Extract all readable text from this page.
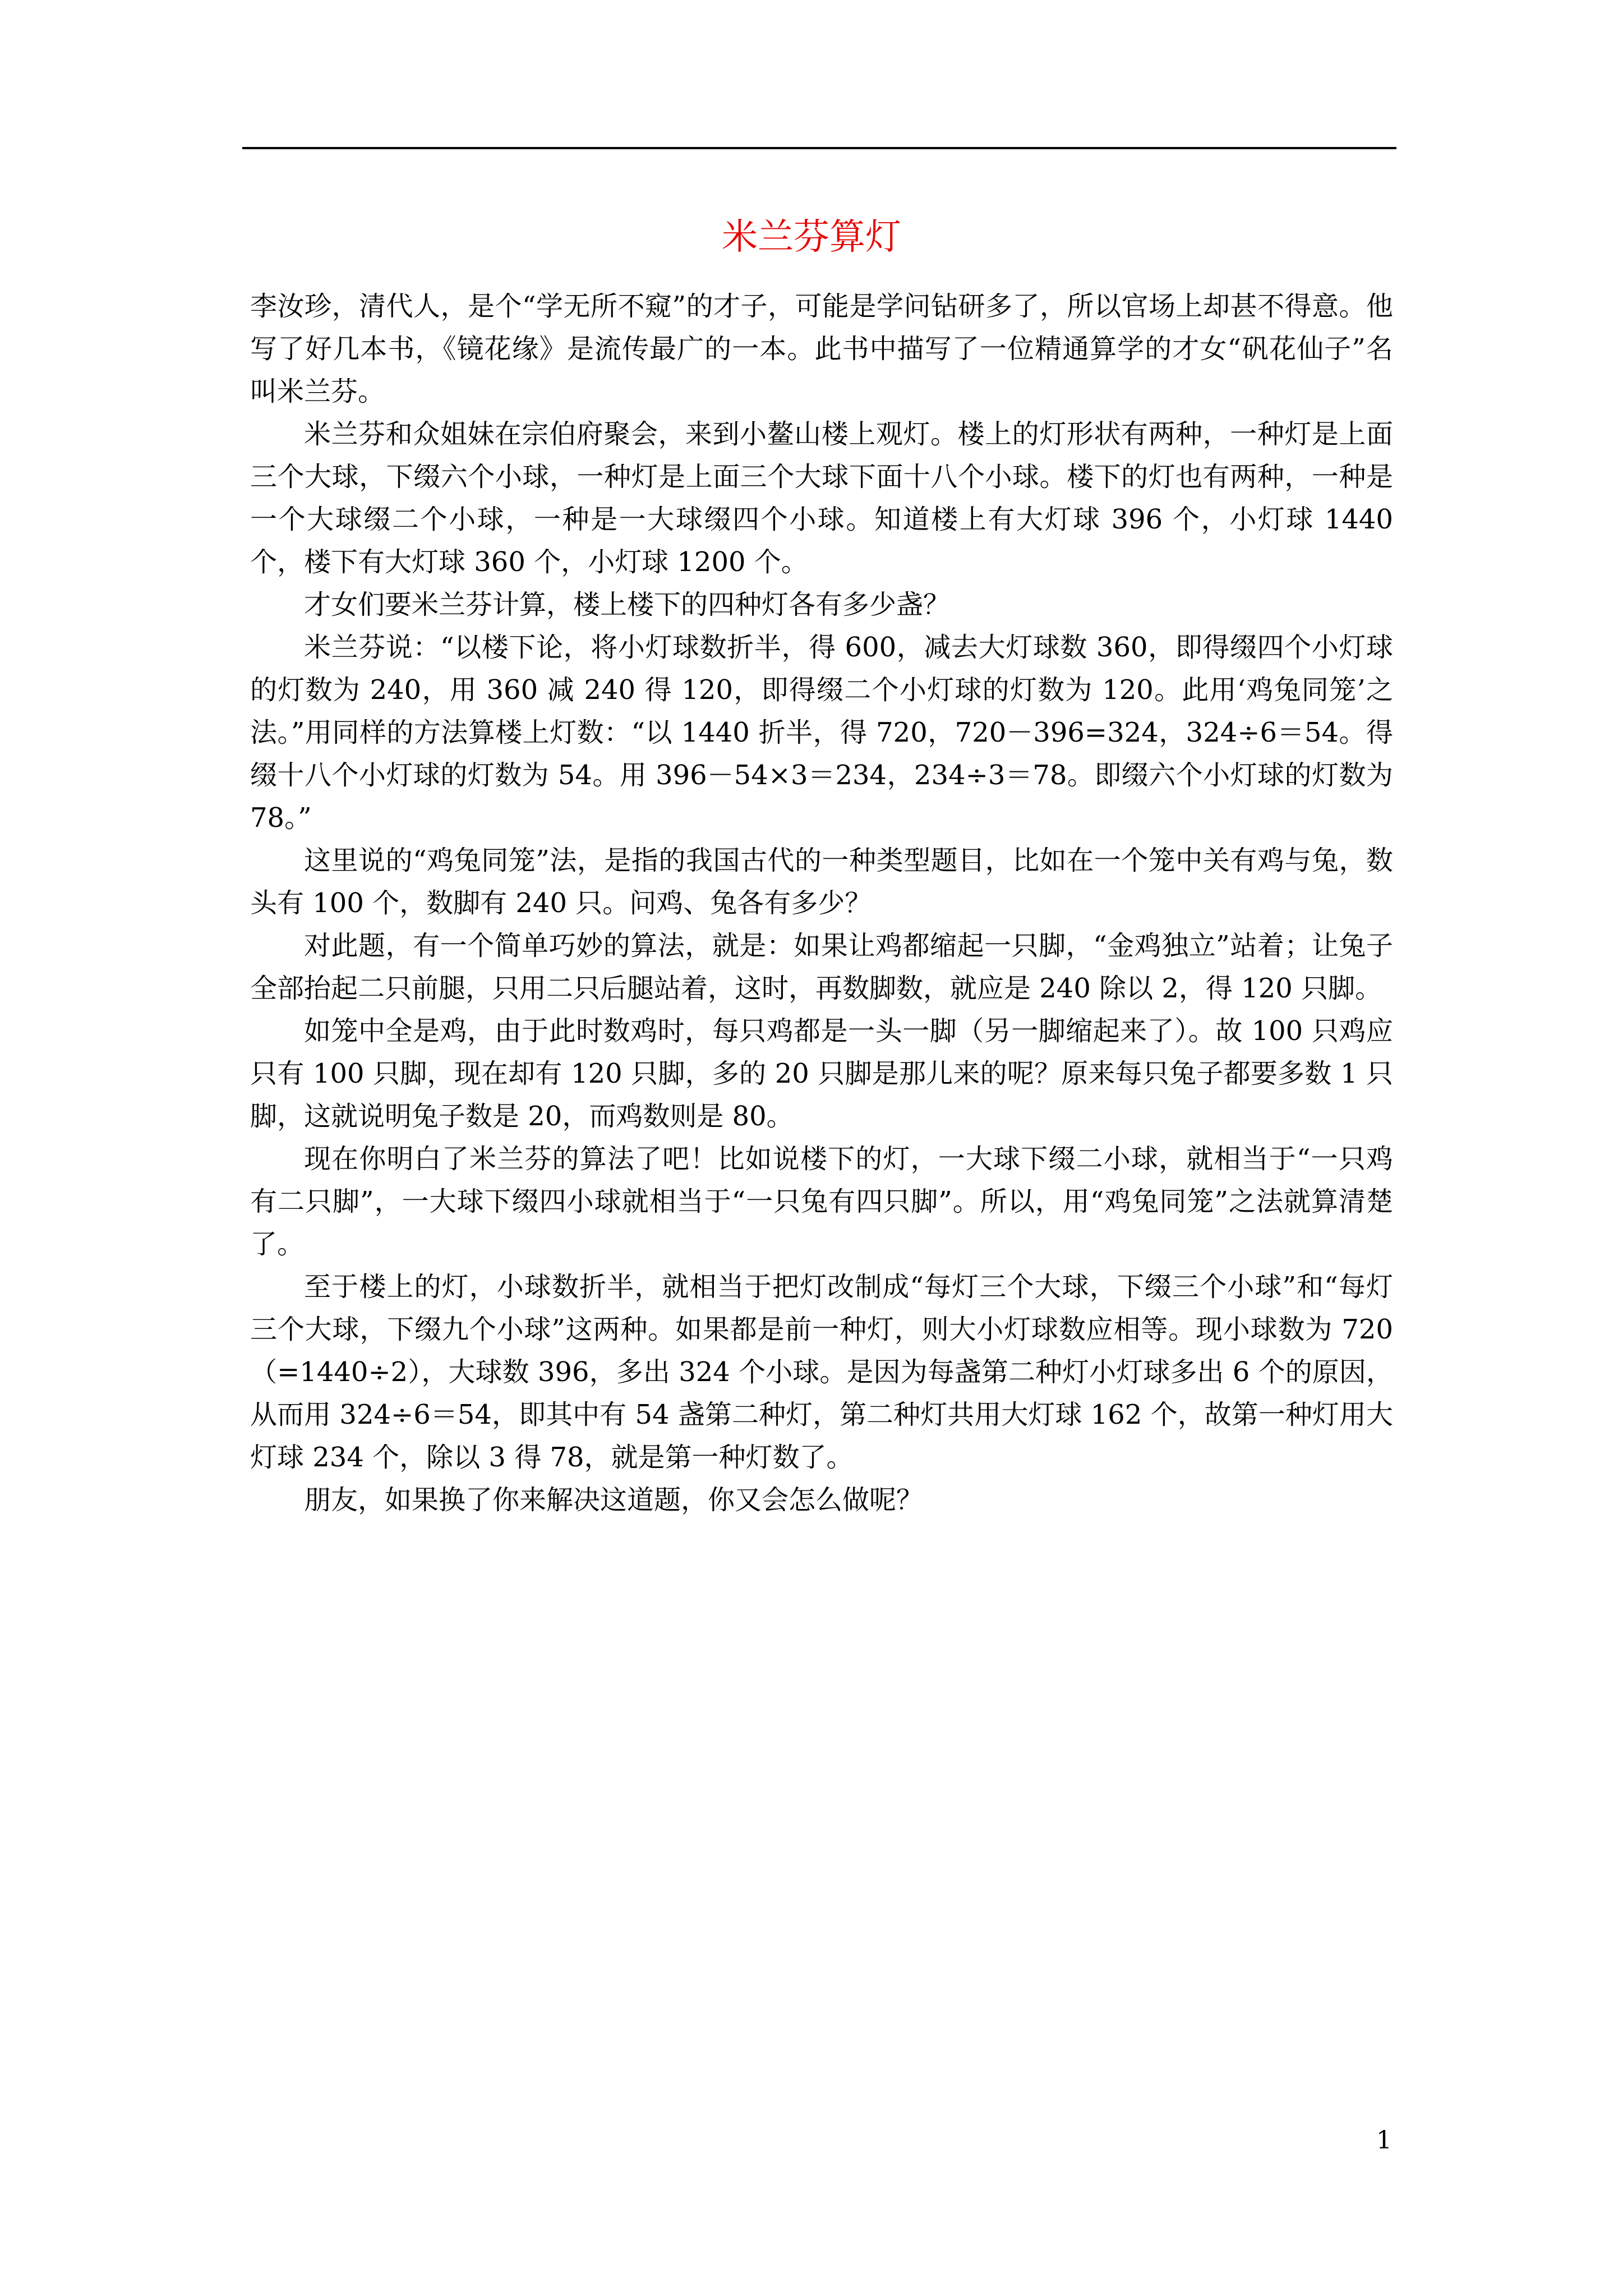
米兰芬算灯

李汝珍，清代人，是个“学无所不窥”的才子，可能是学问钻研多了，所以官场上却甚不得意。他写了好几本书，《镜花缘》是流传最广的一本。此书中描写了一位精通算学的才女“矾花仙子”名叫米兰芬。

米兰芬和众姐妹在宗伯府聚会，来到小鳌山楼上观灯。楼上的灯形状有两种，一种灯是上面三个大球，下缀六个小球，一种灯是上面三个大球下面十八个小球。楼下的灯也有两种，一种是一个大球缀二个小球，一种是一大球缀四个小球。知道楼上有大灯球 396 个，小灯球 1440 个，楼下有大灯球 360 个，小灯球 1200 个。

才女们要米兰芬计算，楼上楼下的四种灯各有多少盏？

米兰芬说：“以楼下论，将小灯球数折半，得 600，减去大灯球数 360，即得缀四个小灯球的灯数为 240，用 360 减 240 得 120，即得缀二个小灯球的灯数为 120。此用‘鸡兔同笼’之法。”用同样的方法算楼上灯数：“以 1440 折半，得 720，720－396=324，324÷6＝54。得缀十八个小灯球的灯数为 54。用 396－54×3＝234，234÷3＝78。即缀六个小灯球的灯数为 78。”

这里说的“鸡兔同笼”法，是指的我国古代的一种类型题目，比如在一个笼中关有鸡与兔，数头有 100 个，数脚有 240 只。问鸡、兔各有多少？

对此题，有一个简单巧妙的算法，就是：如果让鸡都缩起一只脚，“金鸡独立”站着；让兔子全部抬起二只前腿，只用二只后腿站着，这时，再数脚数，就应是 240 除以 2，得 120 只脚。

如笼中全是鸡，由于此时数鸡时，每只鸡都是一头一脚（另一脚缩起来了）。故 100 只鸡应只有 100 只脚，现在却有 120 只脚，多的 20 只脚是那儿来的呢？原来每只兔子都要多数 1 只脚，这就说明兔子数是 20，而鸡数则是 80。

现在你明白了米兰芬的算法了吧！比如说楼下的灯，一大球下缀二小球，就相当于“一只鸡有二只脚”，一大球下缀四小球就相当于“一只兔有四只脚”。所以，用“鸡兔同笼”之法就算清楚了。

至于楼上的灯，小球数折半，就相当于把灯改制成“每灯三个大球，下缀三个小球”和“每灯三个大球，下缀九个小球”这两种。如果都是前一种灯，则大小灯球数应相等。现小球数为 720（=1440÷2），大球数 396，多出 324 个小球。是因为每盏第二种灯小灯球多出 6 个的原因，从而用 324÷6＝54，即其中有 54 盏第二种灯，第二种灯共用大灯球 162 个，故第一种灯用大灯球 234 个，除以 3 得 78，就是第一种灯数了。

朋友，如果换了你来解决这道题，你又会怎么做呢？

1
